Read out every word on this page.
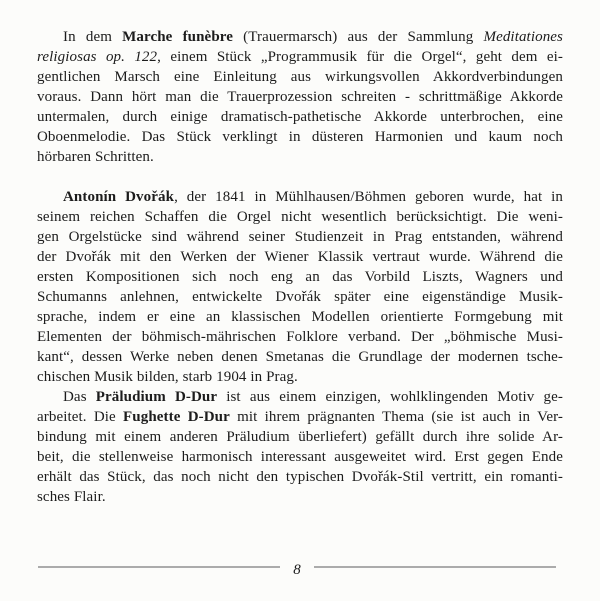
In dem Marche funèbre (Trauermarsch) aus der Sammlung Meditationes
religiosas op. 122, einem Stück „Programmusik für die Orgel“, geht dem ei-
gentlichen Marsch eine Einleitung aus wirkungsvollen Akkordverbindungen
voraus. Dann hört man die Trauerprozession schreiten - schrittmäßige Akkorde
untermalen, durch einige dramatisch-pathetische Akkorde unterbrochen, eine
Oboenmelodie. Das Stück verklingt in düsteren Harmonien und kaum noch
hörbaren Schritten.
Antonín Dvořák, der 1841 in Mühlhausen/Böhmen geboren wurde, hat in
seinem reichen Schaffen die Orgel nicht wesentlich berücksichtigt. Die weni-
gen Orgelstücke sind während seiner Studienzeit in Prag entstanden, während
der Dvořák mit den Werken der Wiener Klassik vertraut wurde. Während die
ersten Kompositionen sich noch eng an das Vorbild Liszts, Wagners und
Schumanns anlehnen, entwickelte Dvořák später eine eigenständige Musik-
sprache, indem er eine an klassischen Modellen orientierte Formgebung mit
Elementen der böhmisch-mährischen Folklore verband. Der „böhmische Musi-
kant“, dessen Werke neben denen Smetanas die Grundlage der modernen tsche-
chischen Musik bilden, starb 1904 in Prag.
Das Präludium D-Dur ist aus einem einzigen, wohlklingenden Motiv ge-
arbeitet. Die Fughette D-Dur mit ihrem prägnanten Thema (sie ist auch in Ver-
bindung mit einem anderen Präludium überliefert) gefällt durch ihre solide Ar-
beit, die stellenweise harmonisch interessant ausgeweitet wird. Erst gegen Ende
erhält das Stück, das noch nicht den typischen Dvořák-Stil vertritt, ein romanti-
sches Flair.
8
